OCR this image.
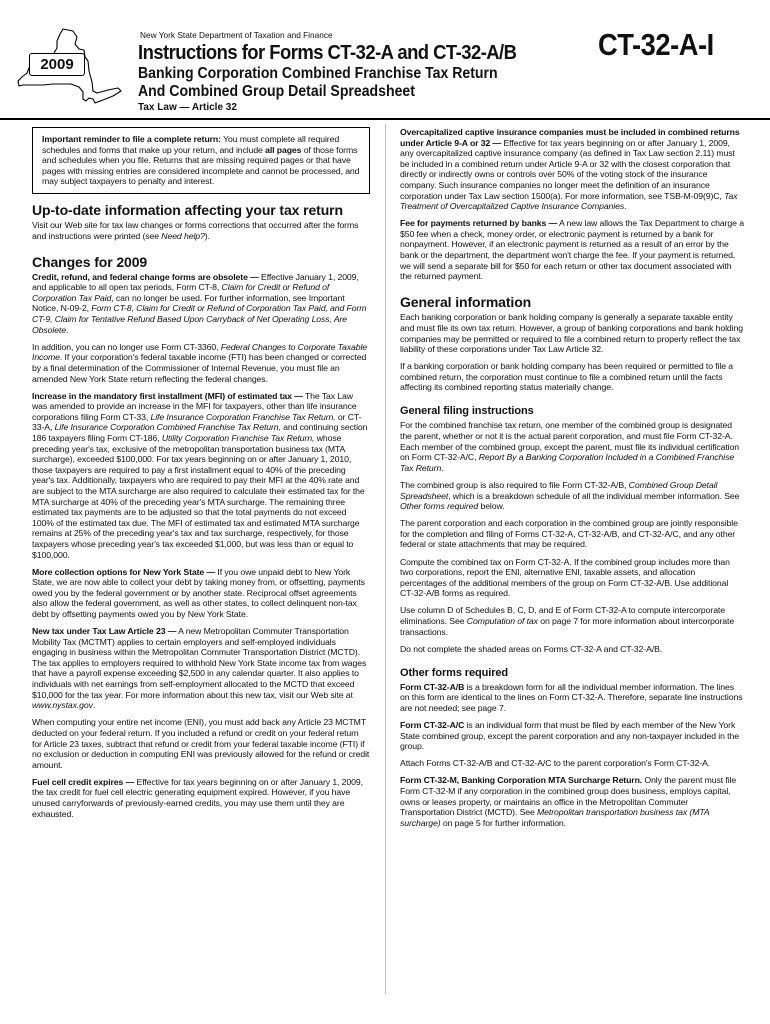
2009
New York State Department of Taxation and Finance
Instructions for Forms CT-32-A and CT-32-A/B	CT-32-A-I
Banking Corporation Combined Franchise Tax Return
And Combined Group Detail Spreadsheet
Tax Law — Article 32

Important reminder to file a complete return: You must complete all required schedules and forms that make up your return, and include all pages of those forms and schedules when you file. Returns that are missing required pages or that have pages with missing entries are considered incomplete and cannot be processed, and may subject taxpayers to penalty and interest.

Up-to-date information affecting your tax return

Visit our Web site for tax law changes or forms corrections that occurred after the forms and instructions were printed (see Need help?).

Changes for 2009

Credit, refund, and federal change forms are obsolete — Effective January 1, 2009, and applicable to all open tax periods, Form CT-8, Claim for Credit or Refund of Corporation Tax Paid, can no longer be used. For further information, see Important Notice, N-09-2, Form CT-8, Claim for Credit or Refund of Corporation Tax Paid, and Form CT-9, Claim for Tentative Refund Based Upon Carryback of Net Operating Loss, Are Obsolete.

In addition, you can no longer use Form CT-3360, Federal Changes to Corporate Taxable Income. If your corporation's federal taxable income (FTI) has been changed or corrected by a final determination of the Commissioner of Internal Revenue, you must file an amended New York State return reflecting the federal changes.

Increase in the mandatory first installment (MFI) of estimated tax — The Tax Law was amended to provide an increase in the MFI for taxpayers, other than life insurance corporations filing Form CT-33, Life Insurance Corporation Franchise Tax Return, or CT-33-A, Life Insurance Corporation Combined Franchise Tax Return, and continuing section 186 taxpayers filing Form CT-186, Utility Corporation Franchise Tax Return, whose preceding year's tax, exclusive of the metropolitan transportation business tax (MTA surcharge), exceeded $100,000. For tax years beginning on or after January 1, 2010, those taxpayers are required to pay a first installment equal to 40% of the preceding year's tax. Additionally, taxpayers who are required to pay their MFI at the 40% rate and are subject to the MTA surcharge are also required to calculate their estimated tax for the MTA surcharge at 40% of the preceding year's MTA surcharge. The remaining three estimated tax payments are to be adjusted so that the total payments do not exceed 100% of the estimated tax due. The MFI of estimated tax and estimated MTA surcharge remains at 25% of the preceding year's tax and tax surcharge, respectively, for those taxpayers whose preceding year's tax exceeded $1,000, but was less than or equal to $100,000.

More collection options for New York State — If you owe unpaid debt to New York State, we are now able to collect your debt by taking money from, or offsetting, payments owed you by the federal government or by another state. Reciprocal offset agreements also allow the federal government, as well as other states, to collect delinquent non-tax debt by offsetting payments owed you by New York State.

New tax under Tax Law Article 23 — A new Metropolitan Commuter Transportation Mobility Tax (MCTMT) applies to certain employers and self-employed individuals engaging in business within the Metropolitan Commuter Transportation District (MCTD). The tax applies to employers required to withhold New York State income tax from wages that have a payroll expense exceeding $2,500 in any calendar quarter. It also applies to individuals with net earnings from self-employment allocated to the MCTD that exceed $10,000 for the tax year. For more information about this new tax, visit our Web site at www.nystax.gov.

When computing your entire net income (ENI), you must add back any Article 23 MCTMT deducted on your federal return. If you included a refund or credit on your federal return for Article 23 taxes, subtract that refund or credit from your federal taxable income (FTI) if no exclusion or deduction in computing ENI was previously allowed for the refund or credit amount.

Fuel cell credit expires — Effective for tax years beginning on or after January 1, 2009, the tax credit for fuel cell electric generating equipment expired. However, if you have unused carryforwards of previously-earned credits, you may use them until they are exhausted.

Overcapitalized captive insurance companies must be included in combined returns under Article 9-A or 32 — Effective for tax years beginning on or after January 1, 2009, any overcapitalized captive insurance company (as defined in Tax Law section 2.11) must be included in a combined return under Article 9-A or 32 with the closest corporation that directly or indirectly owns or controls over 50% of the voting stock of the insurance company. Such insurance companies no longer meet the definition of an insurance corporation under Tax Law section 1500(a). For more information, see TSB-M-09(9)C, Tax Treatment of Overcapitalized Captive Insurance Companies.

Fee for payments returned by banks — A new law allows the Tax Department to charge a $50 fee when a check, money order, or electronic payment is returned by a bank for nonpayment. However, if an electronic payment is returned as a result of an error by the bank or the department, the department won't charge the fee. If your payment is returned, we will send a separate bill for $50 for each return or other tax document associated with the returned payment.

General information

Each banking corporation or bank holding company is generally a separate taxable entity and must file its own tax return. However, a group of banking corporations and bank holding companies may be permitted or required to file a combined return to properly reflect the tax liability of these corporations under Tax Law Article 32.

If a banking corporation or bank holding company has been required or permitted to file a combined return, the corporation must continue to file a combined return until the facts affecting its combined reporting status materially change.

General filing instructions

For the combined franchise tax return, one member of the combined group is designated the parent, whether or not it is the actual parent corporation, and must file Form CT-32-A. Each member of the combined group, except the parent, must file its individual certification on Form CT-32-A/C, Report By a Banking Corporation Included in a Combined Franchise Tax Return.

The combined group is also required to file Form CT-32-A/B, Combined Group Detail Spreadsheet, which is a breakdown schedule of all the individual member information. See Other forms required below.

The parent corporation and each corporation in the combined group are jointly responsible for the completion and filing of Forms CT-32-A, CT-32-A/B, and CT-32-A/C, and any other federal or state attachments that may be required.

Compute the combined tax on Form CT-32-A. If the combined group includes more than two corporations, report the ENI, alternative ENI, taxable assets, and allocation percentages of the additional members of the group on Form CT-32-A/B. Use additional CT-32-A/B forms as required.

Use column D of Schedules B, C, D, and E of Form CT-32-A to compute intercorporate eliminations. See Computation of tax on page 7 for more information about intercorporate transactions.

Do not complete the shaded areas on Forms CT-32-A and CT-32-A/B.

Other forms required

Form CT-32-A/B is a breakdown form for all the individual member information. The lines on this form are identical to the lines on Form CT-32-A. Therefore, separate line instructions are not needed; see page 7.

Form CT-32-A/C is an individual form that must be filed by each member of the New York State combined group, except the parent corporation and any non-taxpayer included in the group.

Attach Forms CT-32-A/B and CT-32-A/C to the parent corporation's Form CT-32-A.

Form CT-32-M, Banking Corporation MTA Surcharge Return. Only the parent must file Form CT-32-M if any corporation in the combined group does business, employs capital, owns or leases property, or maintains an office in the Metropolitan Commuter Transportation District (MCTD). See Metropolitan transportation business tax (MTA surcharge) on page 5 for further information.
